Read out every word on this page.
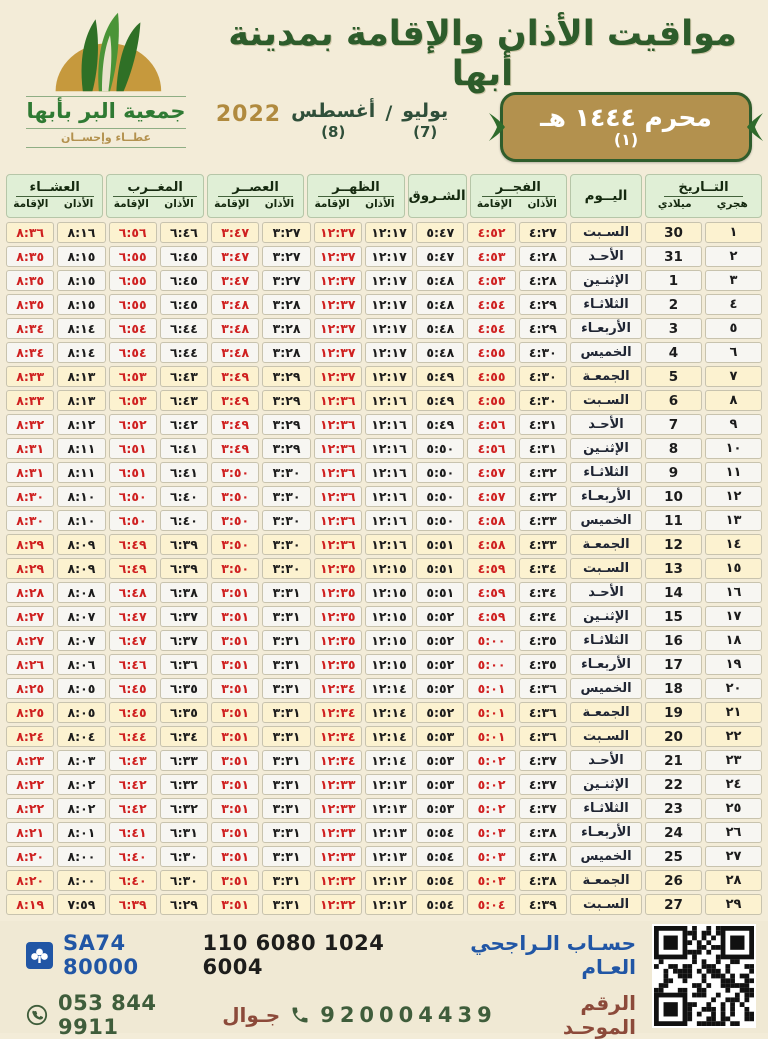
جمعية البر بأبها
عطــاء وإحســان
مواقيت الأذان والإقامة بمدينة أبها
محرم ١٤٤٤ هـ
(١)
يوليو
(7)
/
أغسطس
(8)
2022
التــاريخ
هجري
ميلادي
اليــوم
الفجــر
الأذان
الإقامة
الشـروق
الظهــر
الأذان
الإقامة
العصــر
الأذان
الإقامة
المغــرب
الأذان
الإقامة
العشــاء
الأذان
الإقامة
١
30
السـبت
٤:٢٧
٤:٥٢
٥:٤٧
١٢:١٧
١٢:٣٧
٣:٢٧
٣:٤٧
٦:٤٦
٦:٥٦
٨:١٦
٨:٣٦
٢
31
الأحـد
٤:٢٨
٤:٥٣
٥:٤٧
١٢:١٧
١٢:٣٧
٣:٢٧
٣:٤٧
٦:٤٥
٦:٥٥
٨:١٥
٨:٣٥
٣
1
الإثنـين
٤:٢٨
٤:٥٣
٥:٤٨
١٢:١٧
١٢:٣٧
٣:٢٧
٣:٤٧
٦:٤٥
٦:٥٥
٨:١٥
٨:٣٥
٤
2
الثلاثـاء
٤:٢٩
٤:٥٤
٥:٤٨
١٢:١٧
١٢:٣٧
٣:٢٨
٣:٤٨
٦:٤٥
٦:٥٥
٨:١٥
٨:٣٥
٥
3
الأربعـاء
٤:٢٩
٤:٥٤
٥:٤٨
١٢:١٧
١٢:٣٧
٣:٢٨
٣:٤٨
٦:٤٤
٦:٥٤
٨:١٤
٨:٣٤
٦
4
الخميس
٤:٣٠
٤:٥٥
٥:٤٨
١٢:١٧
١٢:٣٧
٣:٢٨
٣:٤٨
٦:٤٤
٦:٥٤
٨:١٤
٨:٣٤
٧
5
الجمعـة
٤:٣٠
٤:٥٥
٥:٤٩
١٢:١٧
١٢:٣٧
٣:٢٩
٣:٤٩
٦:٤٣
٦:٥٣
٨:١٣
٨:٣٣
٨
6
السـبت
٤:٣٠
٤:٥٥
٥:٤٩
١٢:١٦
١٢:٣٦
٣:٢٩
٣:٤٩
٦:٤٣
٦:٥٣
٨:١٣
٨:٣٣
٩
7
الأحـد
٤:٣١
٤:٥٦
٥:٤٩
١٢:١٦
١٢:٣٦
٣:٢٩
٣:٤٩
٦:٤٢
٦:٥٢
٨:١٢
٨:٣٢
١٠
8
الإثنـين
٤:٣١
٤:٥٦
٥:٥٠
١٢:١٦
١٢:٣٦
٣:٢٩
٣:٤٩
٦:٤١
٦:٥١
٨:١١
٨:٣١
١١
9
الثلاثـاء
٤:٣٢
٤:٥٧
٥:٥٠
١٢:١٦
١٢:٣٦
٣:٣٠
٣:٥٠
٦:٤١
٦:٥١
٨:١١
٨:٣١
١٢
10
الأربعـاء
٤:٣٢
٤:٥٧
٥:٥٠
١٢:١٦
١٢:٣٦
٣:٣٠
٣:٥٠
٦:٤٠
٦:٥٠
٨:١٠
٨:٣٠
١٣
11
الخميس
٤:٣٣
٤:٥٨
٥:٥٠
١٢:١٦
١٢:٣٦
٣:٣٠
٣:٥٠
٦:٤٠
٦:٥٠
٨:١٠
٨:٣٠
١٤
12
الجمعـة
٤:٣٣
٤:٥٨
٥:٥١
١٢:١٦
١٢:٣٦
٣:٣٠
٣:٥٠
٦:٣٩
٦:٤٩
٨:٠٩
٨:٢٩
١٥
13
السـبت
٤:٣٤
٤:٥٩
٥:٥١
١٢:١٥
١٢:٣٥
٣:٣٠
٣:٥٠
٦:٣٩
٦:٤٩
٨:٠٩
٨:٢٩
١٦
14
الأحـد
٤:٣٤
٤:٥٩
٥:٥١
١٢:١٥
١٢:٣٥
٣:٣١
٣:٥١
٦:٣٨
٦:٤٨
٨:٠٨
٨:٢٨
١٧
15
الإثنـين
٤:٣٤
٤:٥٩
٥:٥٢
١٢:١٥
١٢:٣٥
٣:٣١
٣:٥١
٦:٣٧
٦:٤٧
٨:٠٧
٨:٢٧
١٨
16
الثلاثـاء
٤:٣٥
٥:٠٠
٥:٥٢
١٢:١٥
١٢:٣٥
٣:٣١
٣:٥١
٦:٣٧
٦:٤٧
٨:٠٧
٨:٢٧
١٩
17
الأربعـاء
٤:٣٥
٥:٠٠
٥:٥٢
١٢:١٥
١٢:٣٥
٣:٣١
٣:٥١
٦:٣٦
٦:٤٦
٨:٠٦
٨:٢٦
٢٠
18
الخميس
٤:٣٦
٥:٠١
٥:٥٢
١٢:١٤
١٢:٣٤
٣:٣١
٣:٥١
٦:٣٥
٦:٤٥
٨:٠٥
٨:٢٥
٢١
19
الجمعـة
٤:٣٦
٥:٠١
٥:٥٢
١٢:١٤
١٢:٣٤
٣:٣١
٣:٥١
٦:٣٥
٦:٤٥
٨:٠٥
٨:٢٥
٢٢
20
السـبت
٤:٣٦
٥:٠١
٥:٥٣
١٢:١٤
١٢:٣٤
٣:٣١
٣:٥١
٦:٣٤
٦:٤٤
٨:٠٤
٨:٢٤
٢٣
21
الأحـد
٤:٣٧
٥:٠٢
٥:٥٣
١٢:١٤
١٢:٣٤
٣:٣١
٣:٥١
٦:٣٣
٦:٤٣
٨:٠٣
٨:٢٣
٢٤
22
الإثنـين
٤:٣٧
٥:٠٢
٥:٥٣
١٢:١٣
١٢:٣٣
٣:٣١
٣:٥١
٦:٣٢
٦:٤٢
٨:٠٢
٨:٢٢
٢٥
23
الثلاثـاء
٤:٣٧
٥:٠٢
٥:٥٣
١٢:١٣
١٢:٣٣
٣:٣١
٣:٥١
٦:٣٢
٦:٤٢
٨:٠٢
٨:٢٢
٢٦
24
الأربعـاء
٤:٣٨
٥:٠٣
٥:٥٤
١٢:١٣
١٢:٣٣
٣:٣١
٣:٥١
٦:٣١
٦:٤١
٨:٠١
٨:٢١
٢٧
25
الخميس
٤:٣٨
٥:٠٣
٥:٥٤
١٢:١٣
١٢:٣٣
٣:٣١
٣:٥١
٦:٣٠
٦:٤٠
٨:٠٠
٨:٢٠
٢٨
26
الجمعـة
٤:٣٨
٥:٠٣
٥:٥٤
١٢:١٢
١٢:٣٢
٣:٣١
٣:٥١
٦:٣٠
٦:٤٠
٨:٠٠
٨:٢٠
٢٩
27
السـبت
٤:٣٩
٥:٠٤
٥:٥٤
١٢:١٢
١٢:٣٢
٣:٣١
٣:٥١
٦:٢٩
٦:٣٩
٧:٥٩
٨:١٩
حسـاب الـراجحي العـام
110 6080 1024 6004
SA74 80000
الرقم الموحـد
920004439
جـوال
053 844 9911
